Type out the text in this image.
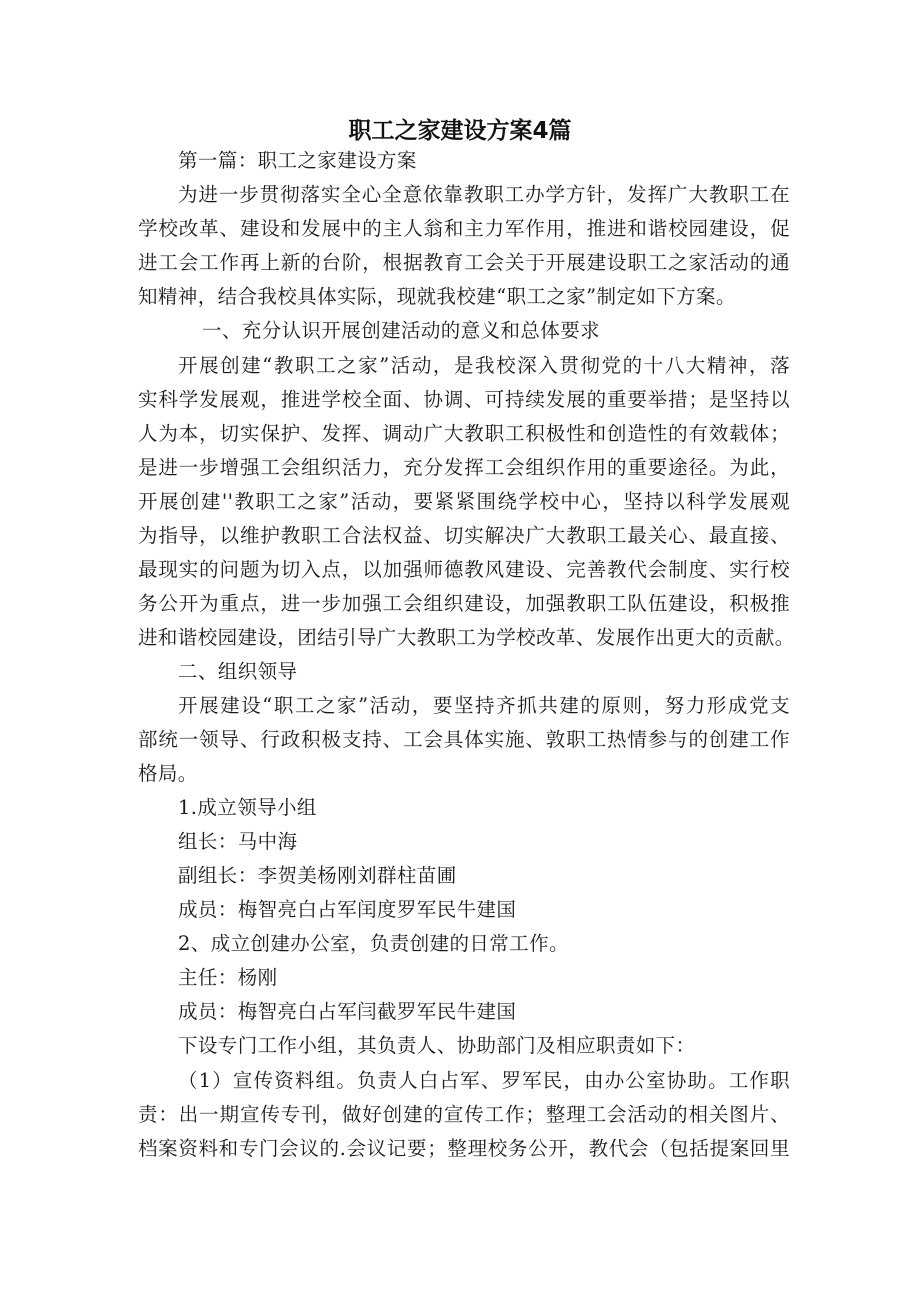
职工之家建设方案4篇
第一篇：职工之家建设方案
为进一步贯彻落实全心全意依靠教职工办学方针，发挥广大教职工在
学校改革、建设和发展中的主人翁和主力军作用，推进和谐校园建设，促
进工会工作再上新的台阶，根据教育工会关于开展建设职工之家活动的通
知精神，结合我校具体实际，现就我校建“职工之家”制定如下方案。
一、充分认识开展创建活动的意义和总体要求
开展创建“教职工之家”活动，是我校深入贯彻党的十八大精神，落
实科学发展观，推进学校全面、协调、可持续发展的重要举措；是坚持以
人为本，切实保护、发挥、调动广大教职工积极性和创造性的有效载体；
是进一步增强工会组织活力，充分发挥工会组织作用的重要途径。为此，
开展创建''教职工之家”活动，要紧紧围绕学校中心，坚持以科学发展观
为指导，以维护教职工合法权益、切实解决广大教职工最关心、最直接、
最现实的问题为切入点，以加强师德教风建设、完善教代会制度、实行校
务公开为重点，进一步加强工会组织建设，加强教职工队伍建设，积极推
进和谐校园建设，团结引导广大教职工为学校改革、发展作出更大的贡献。
二、组织领导
开展建设“职工之家”活动，要坚持齐抓共建的原则，努力形成党支
部统一领导、行政积极支持、工会具体实施、敦职工热情参与的创建工作
格局。
1.成立领导小组
组长：马中海
副组长：李贺美杨刚刘群柱苗圃
成员：梅智亮白占军闰度罗军民牛建国
2、成立创建办公室，负责创建的日常工作。
主任：杨刚
成员：梅智亮白占军闫截罗军民牛建国
下设专门工作小组，其负责人、协助部门及相应职责如下：
（1）宣传资料组。负责人白占军、罗军民，由办公室协助。工作职
责：出一期宣传专刊，做好创建的宣传工作；整理工会活动的相关图片、
档案资料和专门会议的.会议记要；整理校务公开，教代会（包括提案回里
